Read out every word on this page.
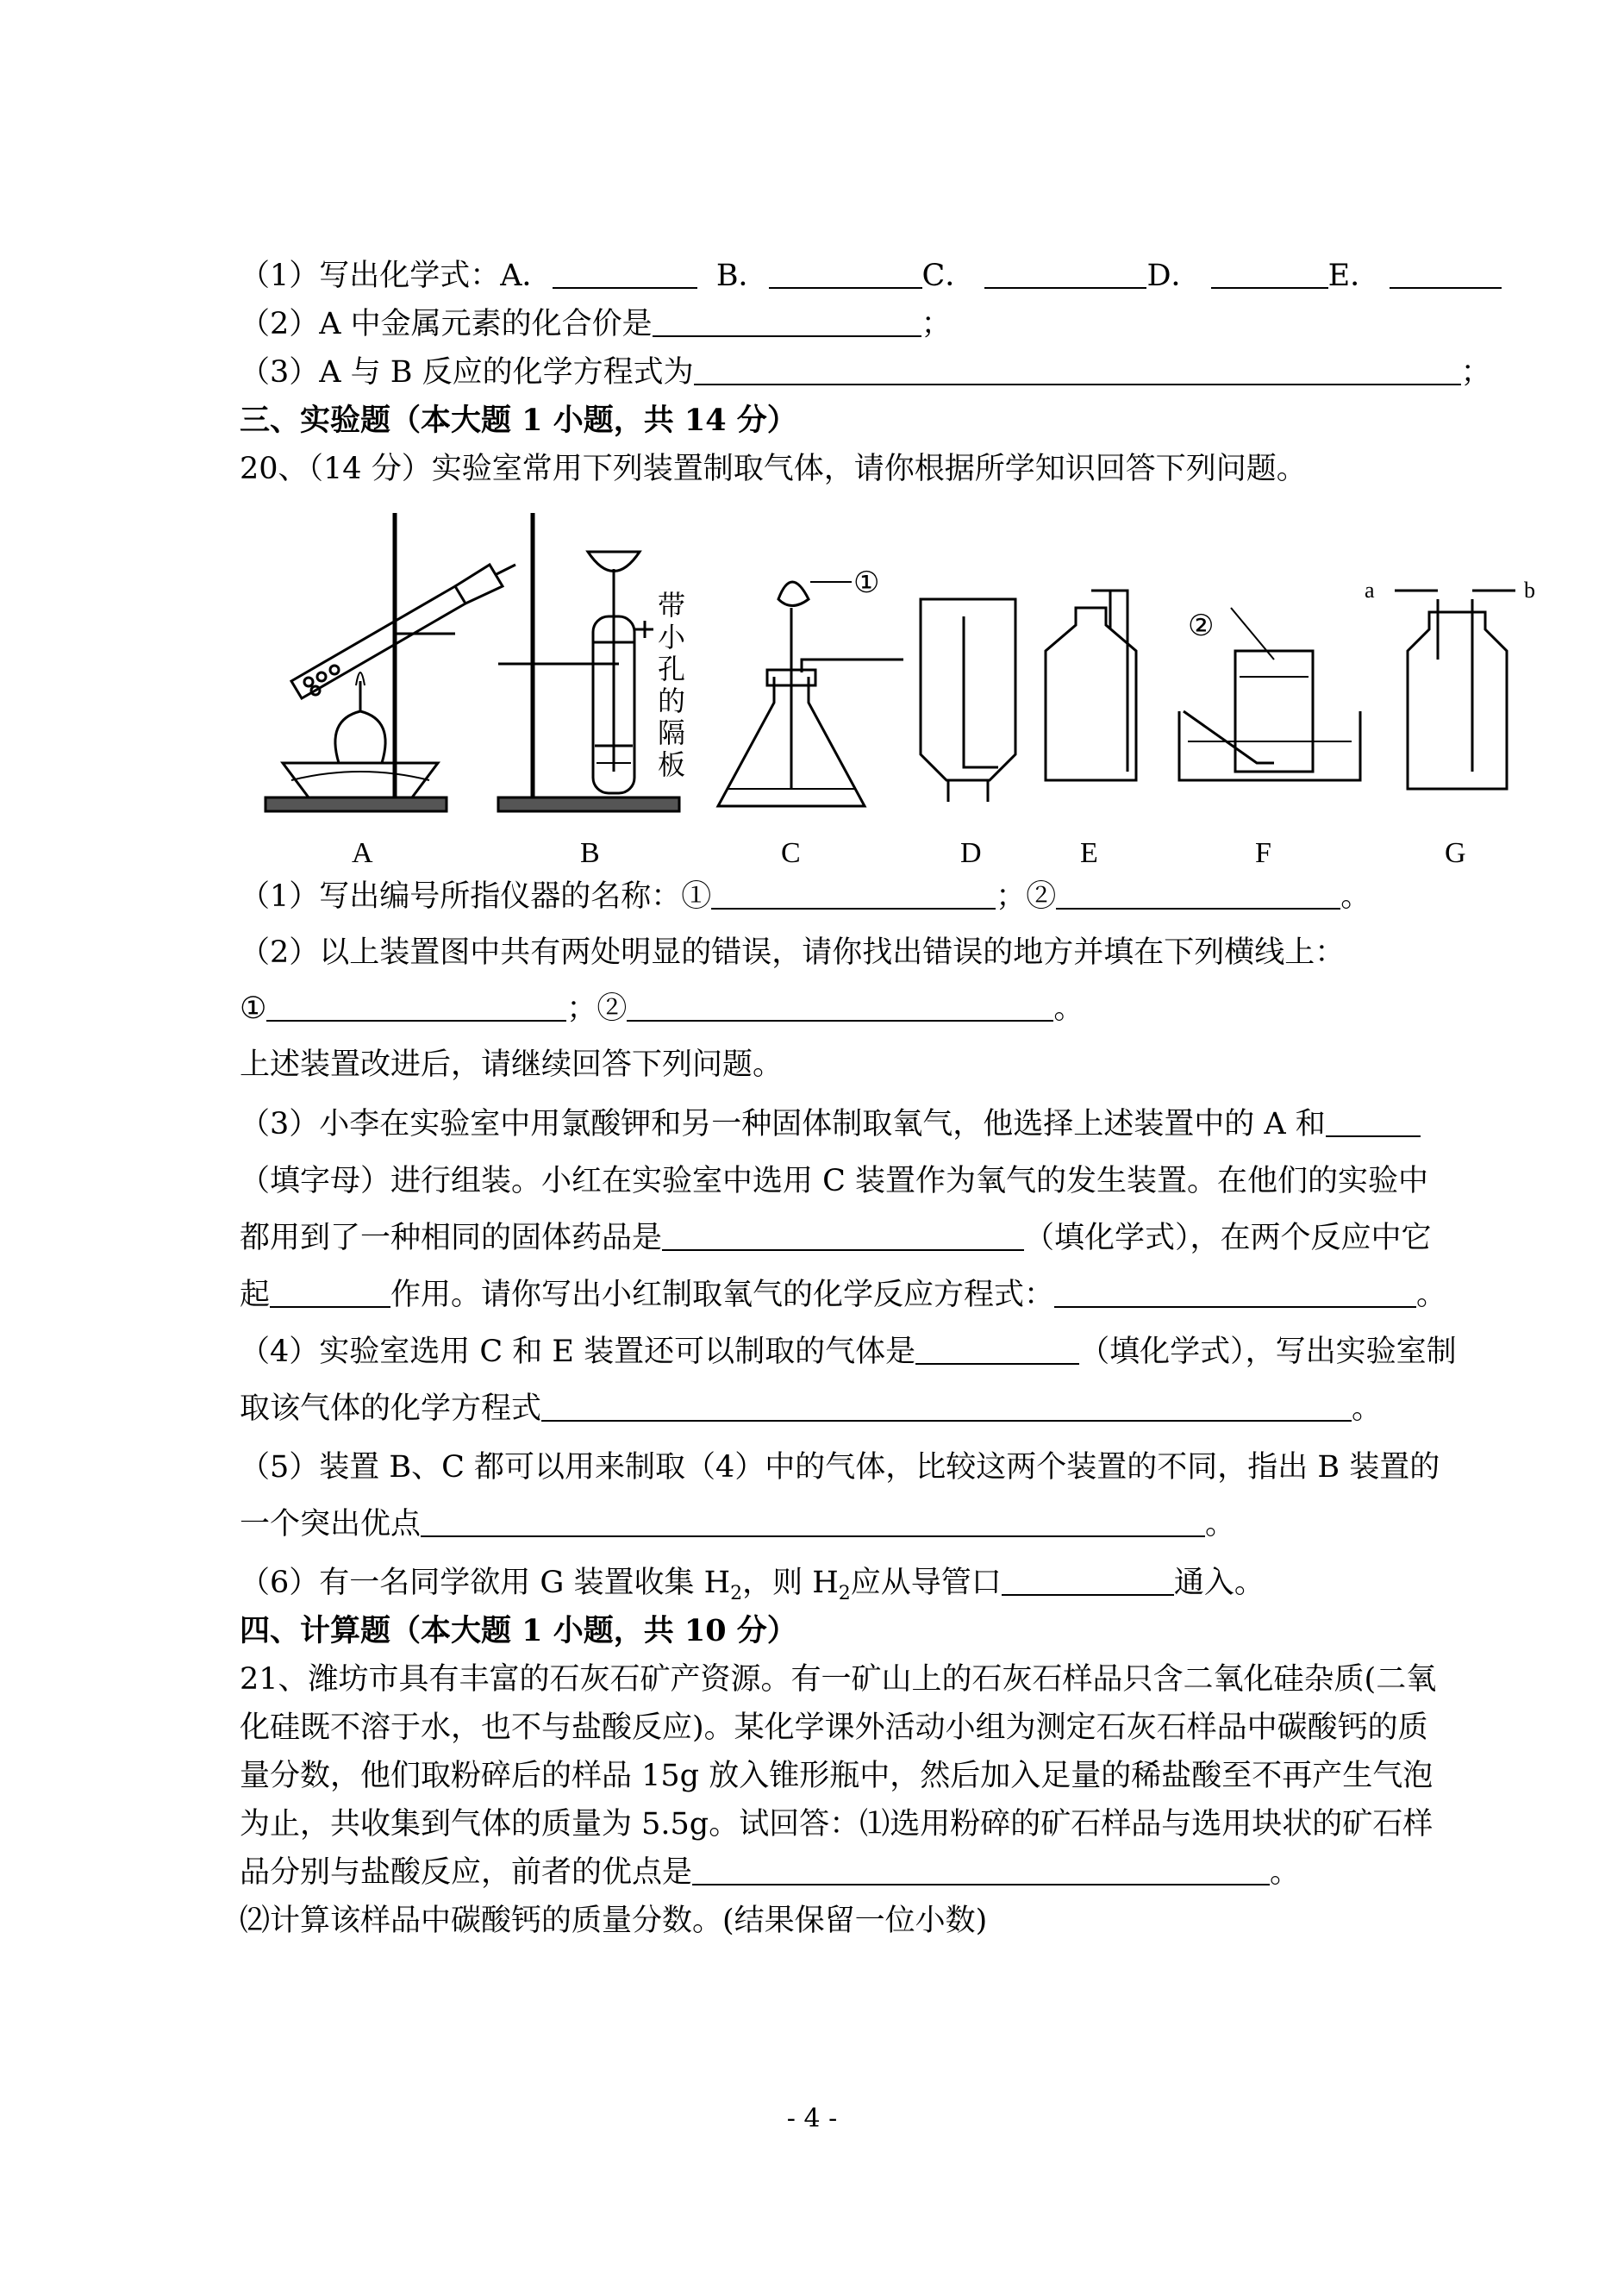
（1）写出化学式：A．	B．	C．	D．	E．
（2）A 中金属元素的化合价是	；
（3）A 与 B 反应的化学方程式为	；
三、实验题（本大题 1 小题，共 14 分）
20、（14 分）实验室常用下列装置制取气体，请你根据所学知识回答下列问题。
A	B	C	D	E	F	G
带
小
孔
的
隔
板
①
②
a	b
（1）写出编号所指仪器的名称：①	；②	。
（2）以上装置图中共有两处明显的错误，请你找出错误的地方并填在下列横线上：
①	；②	。
上述装置改进后，请继续回答下列问题。
（3）小李在实验室中用氯酸钾和另一种固体制取氧气，他选择上述装置中的 A 和
（填字母）进行组装。小红在实验室中选用 C 装置作为氧气的发生装置。在他们的实验中
都用到了一种相同的固体药品是	（填化学式），在两个反应中它
起	作用。请你写出小红制取氧气的化学反应方程式：	。
（4）实验室选用 C 和 E 装置还可以制取的气体是	（填化学式），写出实验室制
取该气体的化学方程式	。
（5）装置 B、C 都可以用来制取（4）中的气体，比较这两个装置的不同，指出 B 装置的
一个突出优点	。
（6）有一名同学欲用 G 装置收集 $H_2$，则 $H_2$应从导管口	通入。
四、计算题（本大题 1 小题，共 10 分）
21、潍坊市具有丰富的石灰石矿产资源。有一矿山上的石灰石样品只含二氧化硅杂质(二氧
化硅既不溶于水，也不与盐酸反应)。某化学课外活动小组为测定石灰石样品中碳酸钙的质
量分数，他们取粉碎后的样品 15g 放入锥形瓶中，然后加入足量的稀盐酸至不再产生气泡
为止，共收集到气体的质量为 5.5g。试回答：⑴选用粉碎的矿石样品与选用块状的矿石样
品分别与盐酸反应，前者的优点是	。
⑵计算该样品中碳酸钙的质量分数。(结果保留一位小数)
- 4 -
